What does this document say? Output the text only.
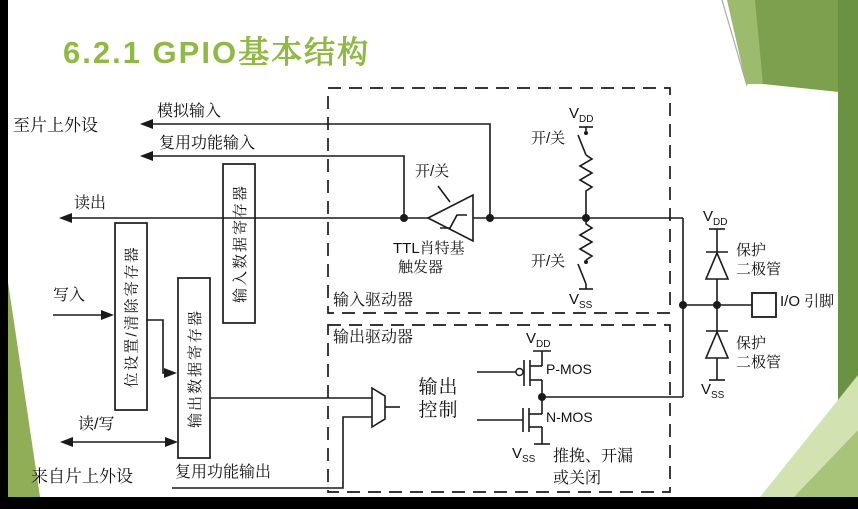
6.2.1 GPIO基本结构
至片上外设
模拟输入
复用功能输入
读出
写入
读/写
来自片上外设	复用功能输出
输入数据寄存器
位设置/清除寄存器	输出数据寄存器
输入驱动器
开/关
TTL肖特基
触发器
开/关
开/关
$V_{DD}$
$V_{SS}$
输出驱动器
输出
控制
$V_{DD}$
P-MOS
N-MOS
$V_{SS}$ 推挽、开漏
或关闭
$V_{DD}$
保护
二极管
保护
二极管
$V_{SS}$
I/O 引脚
